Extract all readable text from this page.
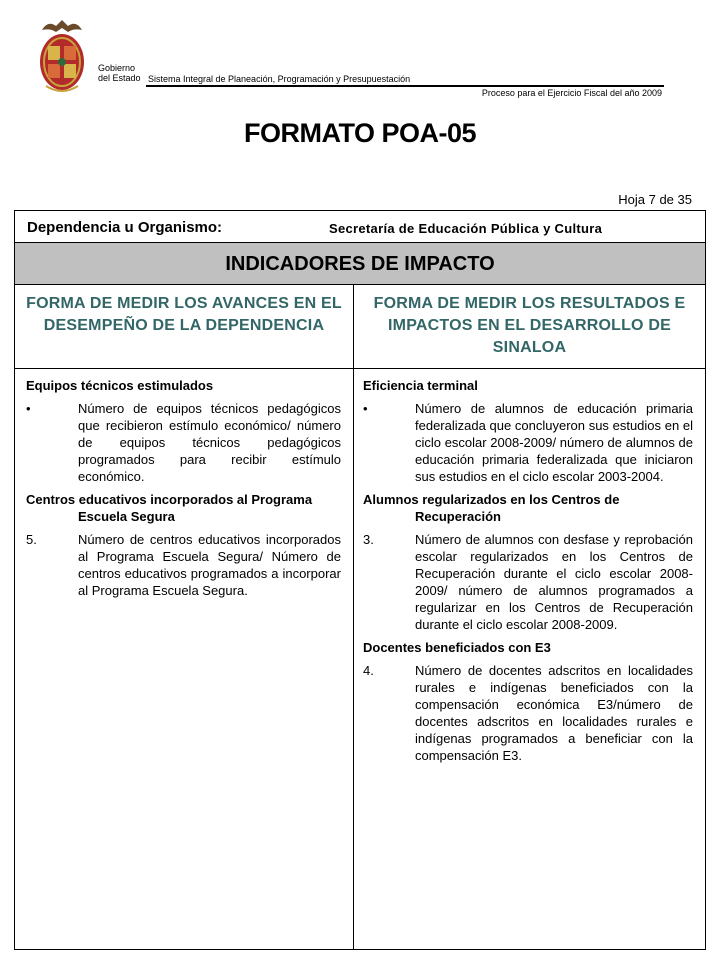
Gobierno
del Estado Sistema Integral de Planeación, Programación y Presupuestación
Proceso para el Ejercicio Fiscal del año 2009
FORMATO POA-05
Hoja 7 de 35
Dependencia u Organismo:	Secretaría de Educación Pública y Cultura
INDICADORES DE IMPACTO
FORMA DE MEDIR LOS AVANCES EN EL DESEMPEÑO DE LA DEPENDENCIA
FORMA DE MEDIR LOS RESULTADOS E IMPACTOS EN EL DESARROLLO DE SINALOA
Equipos técnicos estimulados
•	Número de equipos técnicos pedagógicos que recibieron estímulo económico/ número de equipos técnicos pedagógicos programados para recibir estímulo económico.
Centros educativos incorporados al Programa Escuela Segura
5.	Número de centros educativos incorporados al Programa Escuela Segura/ Número de centros educativos programados a incorporar al Programa Escuela Segura.
Eficiencia terminal
•	Número de alumnos de educación primaria federalizada que concluyeron sus estudios en el ciclo escolar 2008-2009/ número de alumnos de educación primaria federalizada que iniciaron sus estudios en el ciclo escolar 2003-2004.
Alumnos regularizados en los Centros de Recuperación
3.	Número de alumnos con desfase y reprobación escolar regularizados en los Centros de Recuperación durante el ciclo escolar 2008-2009/ número de alumnos programados a regularizar en los Centros de Recuperación durante el ciclo escolar 2008-2009.
Docentes beneficiados con E3
4.	Número de docentes adscritos en localidades rurales e indígenas beneficiados con la compensación económica E3/número de docentes adscritos en localidades rurales e indígenas programados a beneficiar con la compensación E3.
